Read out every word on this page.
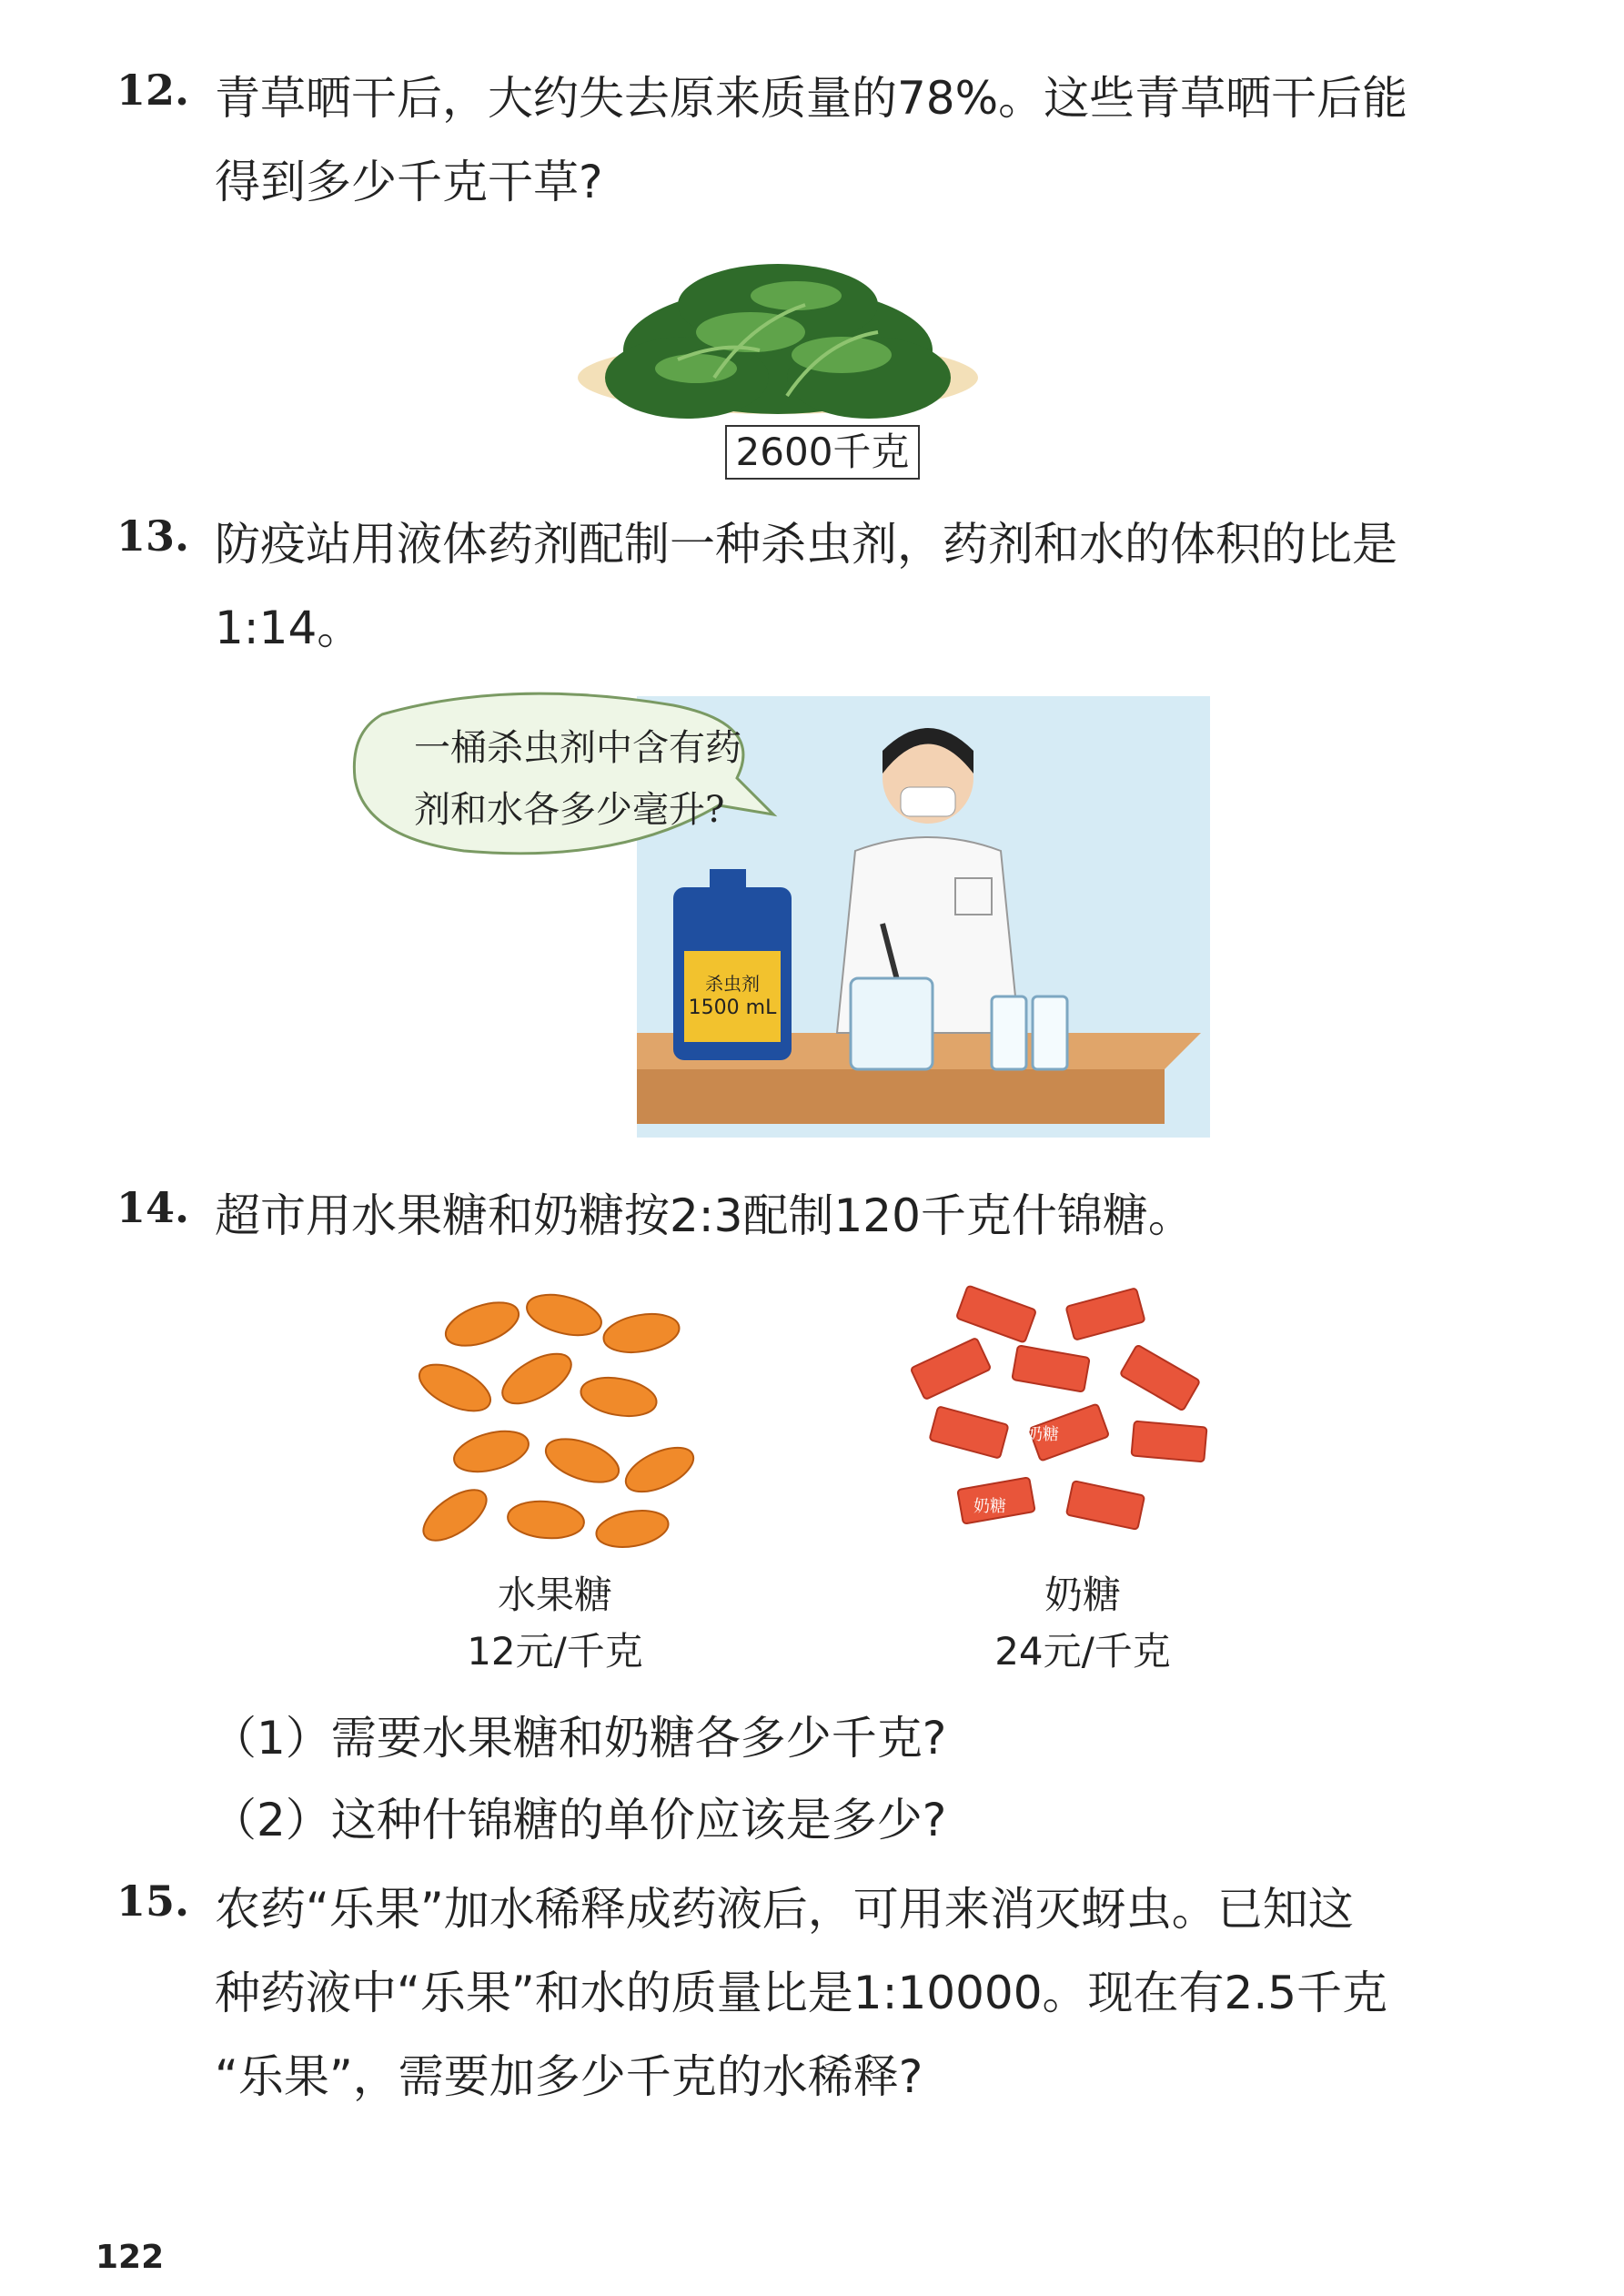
12. 青草晒干后，大约失去原来质量的78%。这些青草晒干后能
得到多少千克干草?
2600千克
13. 防疫站用液体药剂配制一种杀虫剂，药剂和水的体积的比是
1:14。
一桶杀虫剂中含有药
剂和水各多少毫升?
杀虫剂
1500 mL
14. 超市用水果糖和奶糖按2:3配制120千克什锦糖。
奶糖
奶糖
水果糖
12元/千克
奶糖
24元/千克
（1）需要水果糖和奶糖各多少千克?
（2）这种什锦糖的单价应该是多少?
15. 农药“乐果”加水稀释成药液后，可用来消灭蚜虫。已知这
种药液中“乐果”和水的质量比是1:10000。现在有2.5千克
“乐果”，需要加多少千克的水稀释?
122
